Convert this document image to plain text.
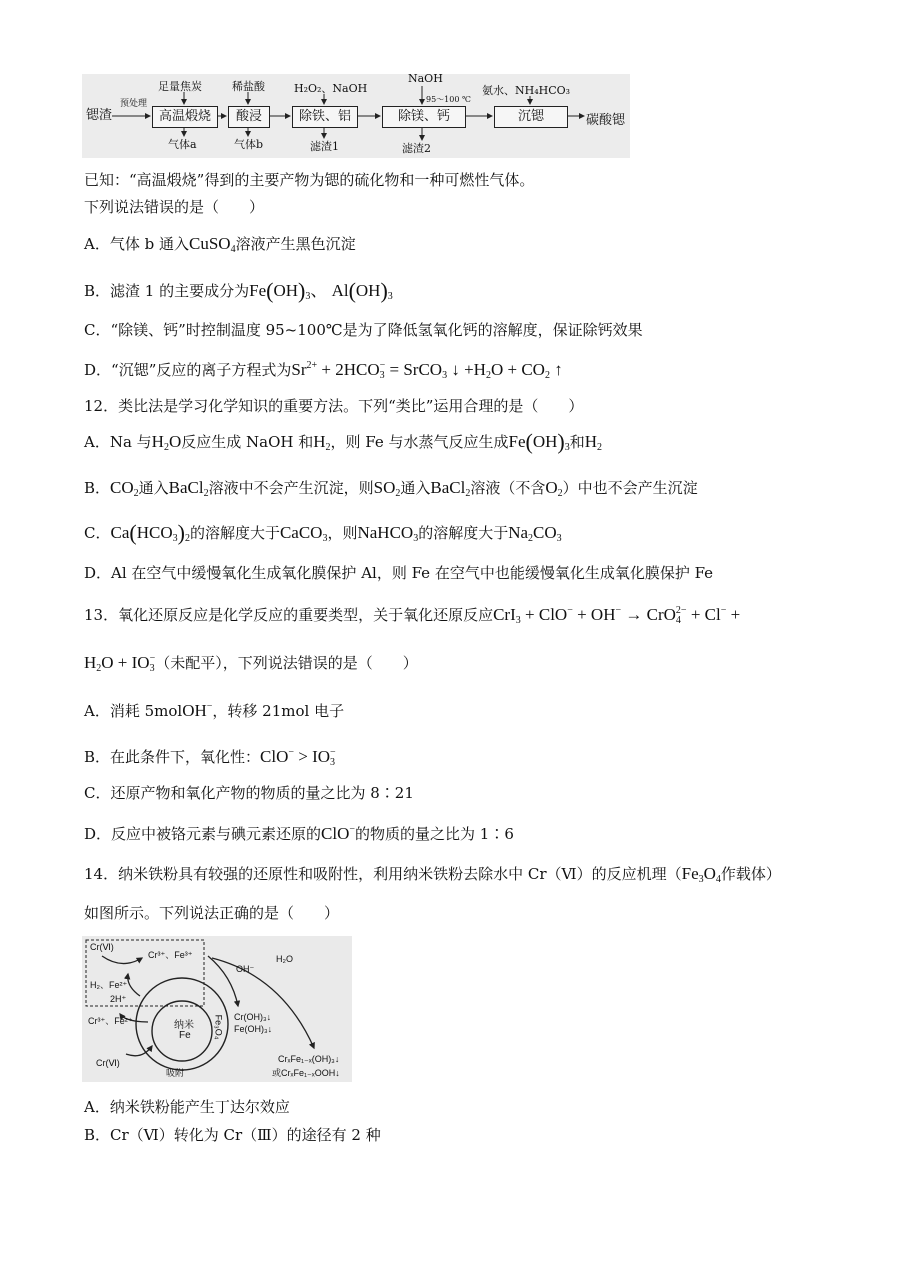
锶渣
预处理
高温煅烧	酸浸	除铁、铝	除镁、钙	沉锶	碳酸锶
足量焦炭	稀盐酸	H₂O₂、NaOH
NaOH
95～100 ℃
氨水、NH₄HCO₃
气体a	气体b	滤渣1	滤渣2
已知：“高温煅烧”得到的主要产物为锶的硫化物和一种可燃性气体。
下列说法错误的是（　　）
A．气体 b 通入CuSO$_4$溶液产生黑色沉淀
B．滤渣 1 的主要成分为$Fe(OH)_3$、 $Al(OH)_3$
C．“除镁、钙”时控制温度 95~100℃是为了降低氢氧化钙的溶解度，保证除钙效果
D．“沉锶”反应的离子方程式为$Sr^{2+} + 2HCO_3^-$ = SrCO$_3$ ↓ $+H_2O + CO_2$ ↑
12．类比法是学习化学知识的重要方法。下列“类比”运用合理的是（　　）
A．Na 与$H_2O$反应生成 NaOH 和$H_2$，则 Fe 与水蒸气反应生成$Fe(OH)_3$和$H_2$
B．$CO_2$通入BaCl$_2$溶液中不会产生沉淀，则$SO_2$通入BaCl$_2$溶液（不含$O_2$）中也不会产生沉淀
C．$Ca(HCO_3)_2$的溶解度大于CaCO$_3$，则NaHCO$_3$的溶解度大于$Na_2CO_3$
D．Al 在空气中缓慢氧化生成氧化膜保护 Al，则 Fe 在空气中也能缓慢氧化生成氧化膜保护 Fe
13．氧化还原反应是化学反应的重要类型，关于氧化还原反应CrI$_3$ + ClO− + OH− → CrO$_4^{2-}$ + Cl− +
$H_2O + IO_3^-$（未配平），下列说法错误的是（　　）
A．消耗 5molOH−，转移 21mol 电子
B．在此条件下，氧化性：$ClO^- > IO_3^-$
C．还原产物和氧化产物的物质的量之比为 8∶21
D．反应中被铬元素与碘元素还原的ClO−的物质的量之比为 1∶6
14．纳米铁粉具有较强的还原性和吸附性，利用纳米铁粉去除水中 Cr（Ⅵ）的反应机理（$Fe_3O_4$作载体）
如图所示。下列说法正确的是（　　）
Cr(Ⅵ)
Cr³⁺、Fe³⁺
H₂、Fe²⁺
2H⁺
OH⁻
H₂O
Cr³⁺、Fe²⁺	纳米
Fe	Fe₃O₄ Cr(OH)₃↓
Fe(OH)₃↓
Cr(Ⅵ)
吸附
CrₓFe₁₋ₓ(OH)₃↓
或CrₓFe₁₋ₓOOH↓
A．纳米铁粉能产生丁达尔效应
B．Cr（Ⅵ）转化为 Cr（Ⅲ）的途径有 2 种
